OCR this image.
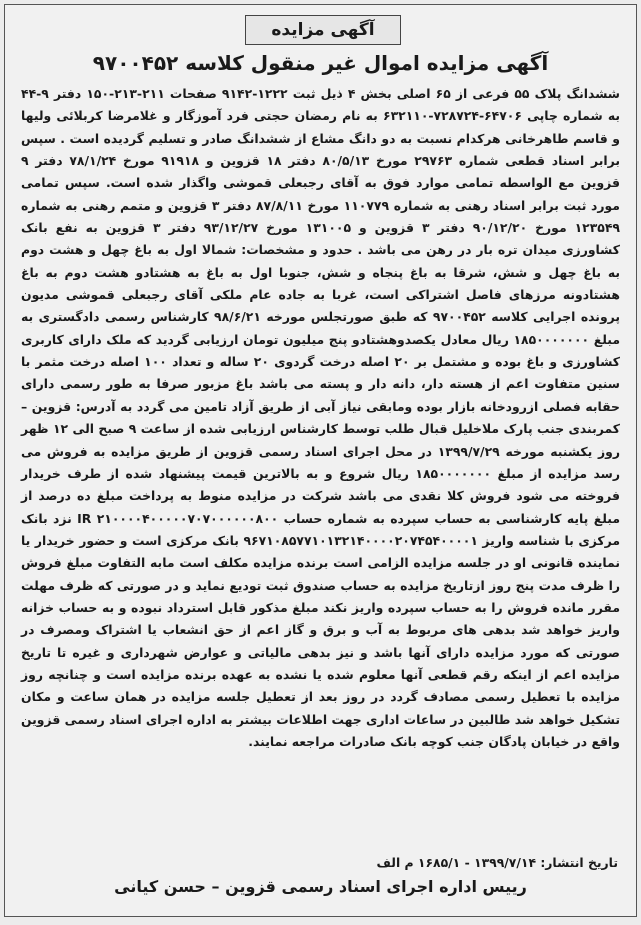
آگهی مزایده
آگهی مزایده اموال غیر منقول کلاسه ۹۷۰۰۴۵۲
ششدانگ پلاک ۵۵ فرعی از ۶۵ اصلی بخش ۴ ذیل ثبت ۱۲۲۲-۹۱۴۲ صفحات ۲۱۱-۲۱۳-۱۵۰ دفتر ۹-۴۴ به شماره چاپی ۶۴۷۰۶-۷۲۸۷۲۴-۶۳۲۱۱۰ به نام رمضان حجتی فرد آموزگار و غلامرضا کربلائی ولیها و قاسم طاهرخانی هرکدام نسبت به دو دانگ مشاع از ششدانگ صادر و تسلیم گردیده است . سپس برابر اسناد قطعی شماره ۲۹۷۶۳ مورخ ۸۰/۵/۱۳ دفتر ۱۸ قزوین و ۹۱۹۱۸ مورخ ۷۸/۱/۲۴ دفتر ۹ قزوین مع الواسطه تمامی موارد فوق به آقای رجبعلی قموشی واگذار شده است. سپس تمامی مورد ثبت برابر اسناد رهنی به شماره ۱۱۰۷۷۹ مورخ ۸۷/۸/۱۱ دفتر ۳ قزوین و متمم رهنی به شماره ۱۲۳۵۴۹ مورخ ۹۰/۱۲/۲۰ دفتر ۳ قزوین و ۱۳۱۰۰۵ مورخ ۹۳/۱۲/۲۷ دفتر ۳ قزوین به نفع بانک کشاورزی میدان تره بار در رهن می باشد . حدود و مشخصات: شمالا اول به باغ چهل و هشت دوم به باغ چهل و شش، شرقا به باغ پنجاه و شش، جنوبا اول به باغ به هشتادو هشت دوم به باغ هشتادونه مرزهای فاصل اشتراکی است، غربا به جاده عام ملکی آقای رجبعلی قموشی مدیون پرونده اجرایی کلاسه ۹۷۰۰۴۵۲ که طبق صورتجلس مورخه ۹۸/۶/۲۱ کارشناس رسمی دادگستری به مبلغ ۱۸۵۰۰۰۰۰۰۰ ریال معادل یکصدوهشتادو پنج میلیون تومان ارزیابی گردید که ملک دارای کاربری کشاورزی و باغ بوده و مشتمل بر ۲۰ اصله درخت گردوی ۲۰ ساله و تعداد ۱۰۰ اصله درخت مثمر با سنین متفاوت اعم از هسته دار، دانه دار و پسته می باشد باغ مزبور صرفا به طور رسمی دارای حقابه فصلی ازرودخانه بازار بوده ومابقی نیاز آبی از طریق آزاد تامین می گردد به آدرس: قزوین – کمربندی جنب پارک ملاخلیل قبال طلب توسط کارشناس ارزیابی شده از ساعت ۹ صبح الی ۱۲ ظهر روز یکشنبه مورخه ۱۳۹۹/۷/۲۹ در محل اجرای اسناد رسمی قزوین از طریق مزایده به فروش می رسد مزایده از مبلغ ۱۸۵۰۰۰۰۰۰۰ ریال شروع و به بالاترین قیمت پیشنهاد شده از طرف خریدار فروخته می شود فروش کلا نقدی می باشد شرکت در مزایده منوط به پرداخت مبلغ ده درصد از مبلغ پایه کارشناسی به حساب سپرده به شماره حساب ۲۱۰۰۰۰۴۰۰۰۰۰۷۰۷۰۰۰۰۰۰۸۰۰ IR نزد بانک مرکزی با شناسه واریز ۹۶۷۱۰۸۵۷۷۱۰۱۳۲۱۴۰۰۰۰۲۰۷۴۵۴۰۰۰۰۱ بانک مرکزی است و حضور خریدار یا نماینده قانونی او در جلسه مزایده الزامی است برنده مزایده مکلف است مابه التفاوت مبلغ فروش را ظرف مدت پنج روز ازتاریخ مزایده به حساب صندوق ثبت تودیع نماید و در صورتی که ظرف مهلت مقرر مانده فروش را به حساب سپرده واریز نکند مبلغ مذکور قابل استرداد نبوده و به حساب خزانه واریز خواهد شد بدهی های مربوط به آب و برق و گاز اعم از حق انشعاب یا اشتراک ومصرف در صورتی که مورد مزایده دارای آنها باشد و نیز بدهی مالیاتی و عوارض شهرداری و غیره تا تاریخ مزایده اعم از اینکه رقم قطعی آنها معلوم شده یا نشده به عهده برنده مزایده است و چنانچه روز مزایده با تعطیل رسمی مصادف گردد در روز بعد از تعطیل جلسه مزایده در همان ساعت و مکان تشکیل خواهد شد طالبین در ساعات اداری جهت اطلاعات بیشتر به اداره اجرای اسناد رسمی قزوین واقع در خیابان پادگان جنب کوچه بانک صادرات مراجعه نمایند.
تاریخ انتشار: ۱۳۹۹/۷/۱۴ - ۱۶۸۵/۱ م الف
رییس اداره اجرای اسناد رسمی قزوین – حسن کیانی
